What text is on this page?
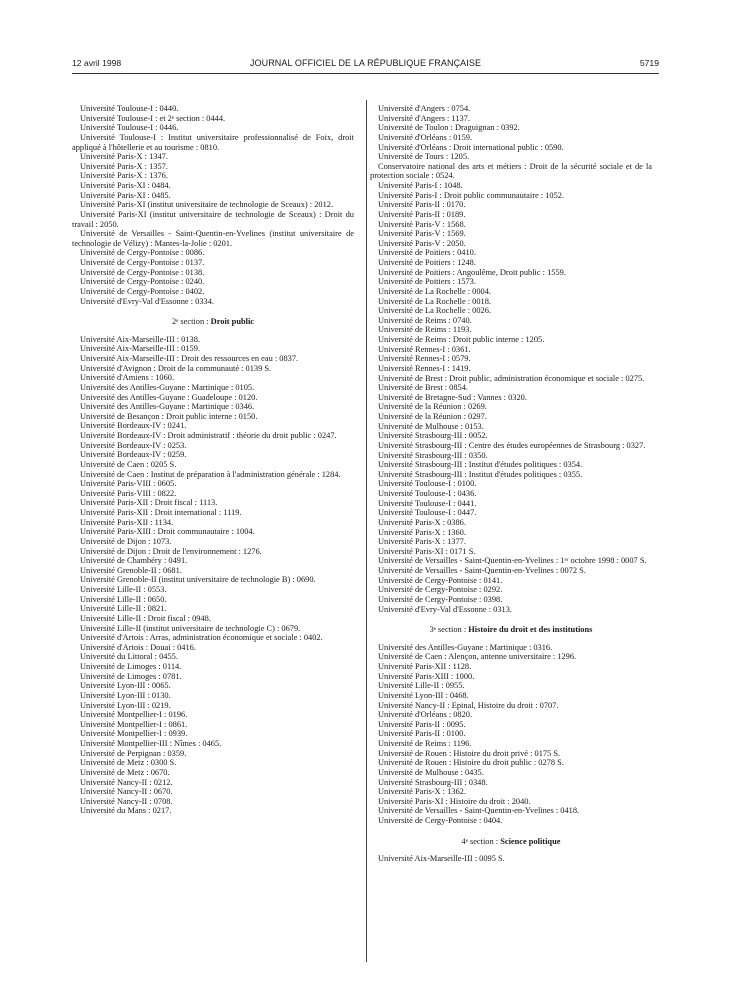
12 avril 1998	JOURNAL OFFICIEL DE LA RÉPUBLIQUE FRANÇAISE	5719
Université Toulouse-I : 0440.
Université Toulouse-I : et 2ᵉ section : 0444.
Université Toulouse-I : 0446.
Université Toulouse-I : Institut universitaire professionnalisé de Foix, droit appliqué à l'hôtellerie et au tourisme : 0810.
Université Paris-X : 1347.
Université Paris-X : 1357.
Université Paris-X : 1376.
Université Paris-XI : 0484.
Université Paris-XI : 0485.
Université Paris-XI (institut universitaire de technologie de Sceaux) : 2012.
Université Paris-XI (institut universitaire de technologie de Sceaux) : Droit du travail : 2050.
Université de Versailles - Saint-Quentin-en-Yvelines (institut universitaire de technologie de Vélizy) : Mantes-la-Jolie : 0201.
Université de Cergy-Pontoise : 0086.
Université de Cergy-Pontoise : 0137.
Université de Cergy-Pontoise : 0138.
Université de Cergy-Pontoise : 0240.
Université de Cergy-Pontoise : 0402.
Université d'Evry-Val d'Essonne : 0334.
2ᵉ section : Droit public
Université Aix-Marseille-III : 0138.
Université Aix-Marseille-III : 0159.
Université Aix-Marseille-III : Droit des ressources en eau : 0837.
Université d'Avignon : Droit de la communauté : 0139 S.
Université d'Amiens : 1060.
Université des Antilles-Guyane : Martinique : 0105.
Université des Antilles-Guyane : Guadeloupe : 0120.
Université des Antilles-Guyane : Martinique : 0346.
Université de Besançon : Droit public interne : 0150.
Université Bordeaux-IV : 0241.
Université Bordeaux-IV : Droit administratif : théorie du droit public : 0247.
Université Bordeaux-IV : 0253.
Université Bordeaux-IV : 0259.
Université de Caen : 0205 S.
Université de Caen : Institut de préparation à l'administration générale : 1284.
Université Paris-VIII : 0605.
Université Paris-VIII : 0822.
Université Paris-XII : Droit fiscal : 1113.
Université Paris-XII : Droit international : 1119.
Université Paris-XII : 1134.
Université Paris-XIII : Droit communautaire : 1004.
Université de Dijon : 1073.
Université de Dijon : Droit de l'environnement : 1276.
Université de Chambéry : 0491.
Université Grenoble-II : 0681.
Université Grenoble-II (institut universitaire de technologie B) : 0690.
Université Lille-II : 0553.
Université Lille-II : 0650.
Université Lille-II : 0821.
Université Lille-II : Droit fiscal : 0948.
Université Lille-II (institut universitaire de technologie C) : 0679.
Université d'Artois : Arras, administration économique et sociale : 0402.
Université d'Artois : Douai : 0416.
Université du Littoral : 0455.
Université de Limoges : 0114.
Université de Limoges : 0781.
Université Lyon-III : 0065.
Université Lyon-III : 0130.
Université Lyon-III : 0219.
Université Montpellier-I : 0196.
Université Montpellier-I : 0861.
Université Montpellier-I : 0939.
Université Montpellier-III : Nîmes : 0465.
Université de Perpignan : 0359.
Université de Metz : 0300 S.
Université de Metz : 0670.
Université Nancy-II : 0212.
Université Nancy-II : 0670.
Université Nancy-II : 0708.
Université du Mans : 0217.
Université d'Angers : 0754.
Université d'Angers : 1137.
Université de Toulon : Draguignan : 0392.
Université d'Orléans : 0159.
Université d'Orléans : Droit international public : 0590.
Université de Tours : 1205.
Conservatoire national des arts et métiers : Droit de la sécurité sociale et de la protection sociale : 0524.
Université Paris-I : 1048.
Université Paris-I : Droit public communautaire : 1052.
Université Paris-II : 0170.
Université Paris-II : 0189.
Université Paris-V : 1568.
Université Paris-V : 1569.
Université Paris-V : 2050.
Université de Poitiers : 0410.
Université de Poitiers : 1248.
Université de Poitiers : Angoulême, Droit public : 1559.
Université de Poitiers : 1573.
Université de La Rochelle : 0004.
Université de La Rochelle : 0018.
Université de La Rochelle : 0026.
Université de Reims : 0740.
Université de Reims : 1193.
Université de Reims : Droit public interne : 1205.
Université Rennes-I : 0361.
Université Rennes-I : 0579.
Université Rennes-I : 1419.
Université de Brest : Droit public, administration économique et sociale : 0275.
Université de Brest : 0854.
Université de Bretagne-Sud : Vannes : 0320.
Université de la Réunion : 0269.
Université de la Réunion : 0297.
Université de Mulhouse : 0153.
Université Strasbourg-III : 0052.
Université Strasbourg-III : Centre des études européennes de Strasbourg : 0327.
Université Strasbourg-III : 0350.
Université Strasbourg-III : Institut d'études politiques : 0354.
Université Strasbourg-III : Institut d'études politiques : 0355.
Université Toulouse-I : 0100.
Université Toulouse-I : 0436.
Université Toulouse-I : 0441.
Université Toulouse-I : 0447.
Université Paris-X : 0386.
Université Paris-X : 1360.
Université Paris-X : 1377.
Université Paris-XI : 0171 S.
Université de Versailles - Saint-Quentin-en-Yvelines : 1ᵉʳ octobre 1998 : 0007 S.
Université de Versailles - Saint-Quentin-en-Yvelines : 0072 S.
Université de Cergy-Pontoise : 0141.
Université de Cergy-Pontoise : 0292.
Université de Cergy-Pontoise : 0398.
Université d'Evry-Val d'Essonne : 0313.
3ᵉ section : Histoire du droit et des institutions
Université des Antilles-Guyane : Martinique : 0316.
Université de Caen : Alençon, antenne universitaire : 1296.
Université Paris-XII : 1128.
Université Paris-XIII : 1000.
Université Lille-II : 0955.
Université Lyon-III : 0468.
Université Nancy-II : Epinal, Histoire du droit : 0707.
Université d'Orléans : 0820.
Université Paris-II : 0095.
Université Paris-II : 0100.
Université de Reims : 1196.
Université de Rouen : Histoire du droit privé : 0175 S.
Université de Rouen : Histoire du droit public : 0278 S.
Université de Mulhouse : 0435.
Université Strasbourg-III : 0348.
Université Paris-X : 1362.
Université Paris-XI : Histoire du droit : 2040.
Université de Versailles - Saint-Quentin-en-Yvelines : 0418.
Université de Cergy-Pontoise : 0404.
4ᵉ section : Science politique
Université Aix-Marseille-III : 0095 S.
